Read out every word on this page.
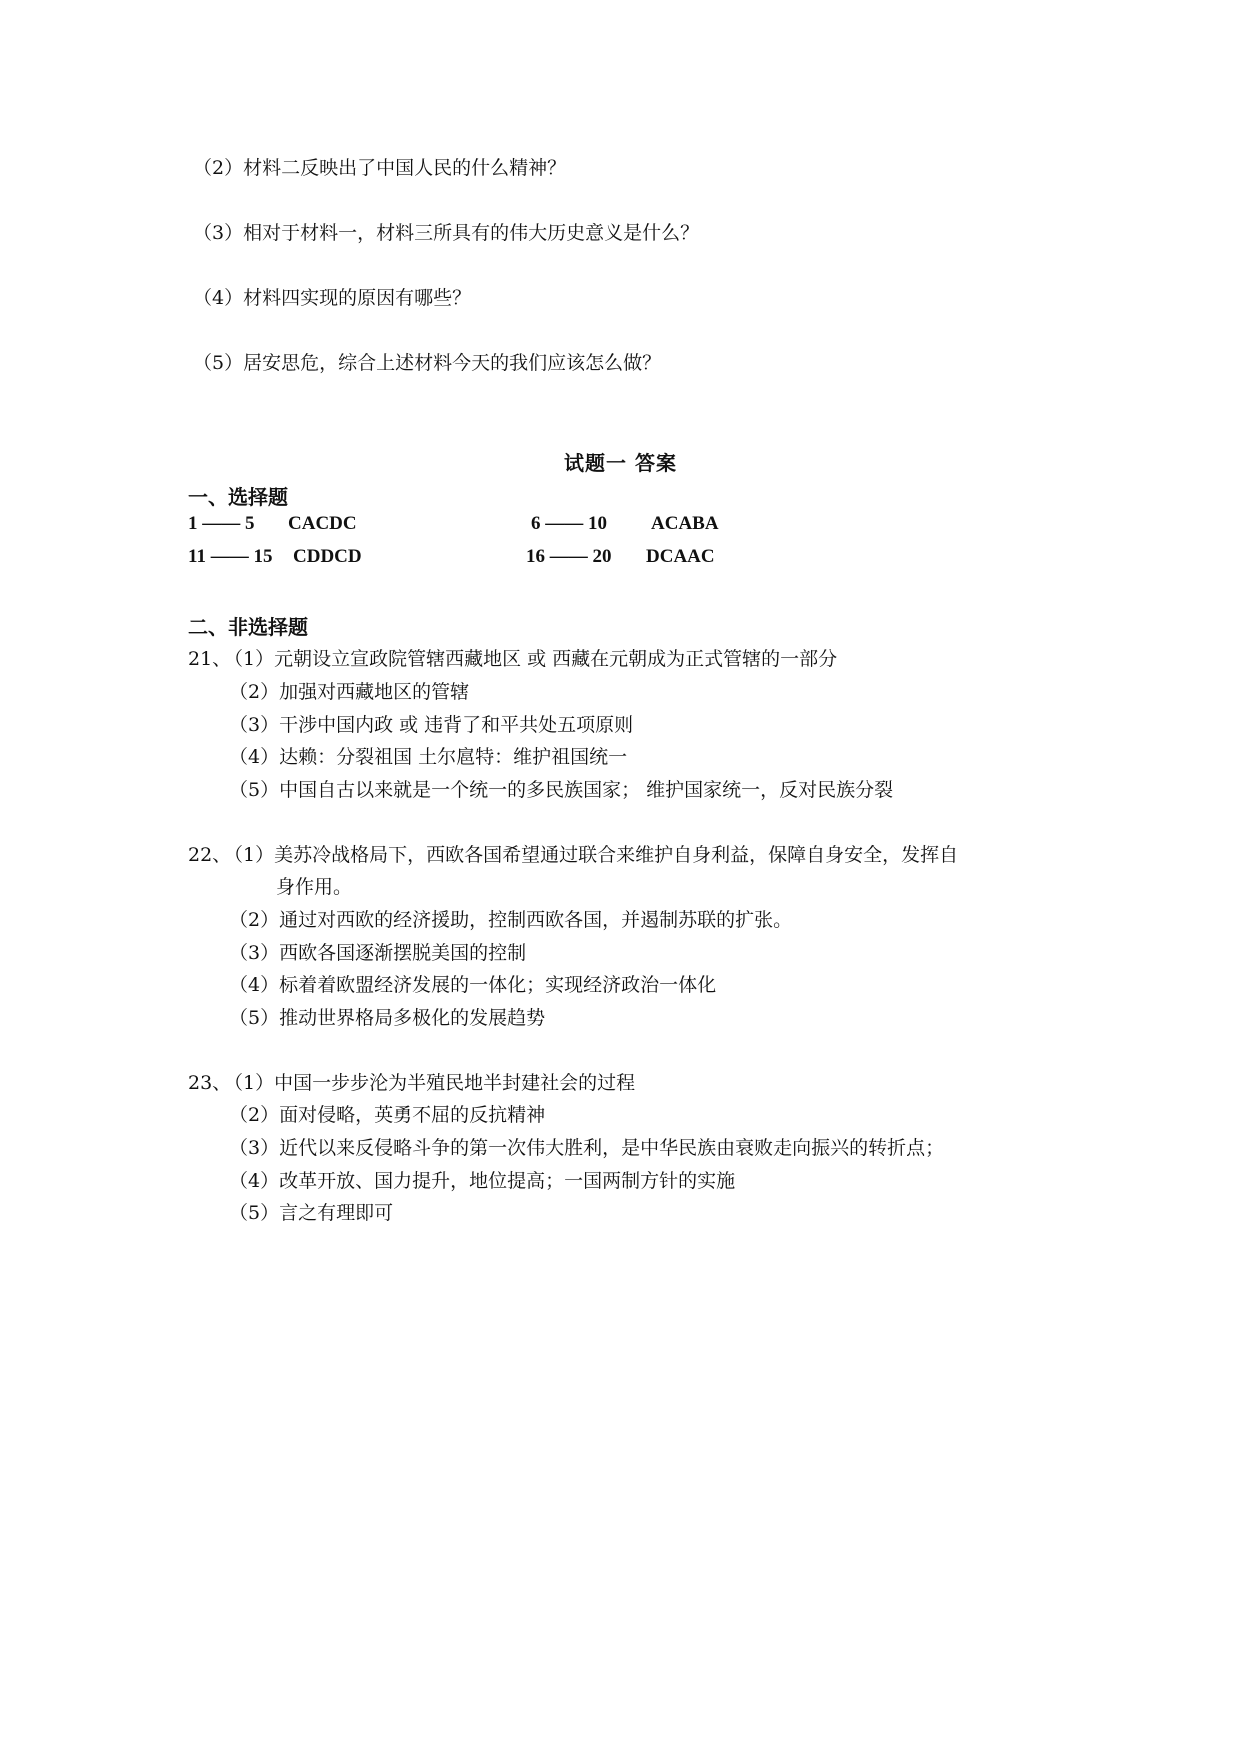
（2）材料二反映出了中国人民的什么精神？
（3）相对于材料一，材料三所具有的伟大历史意义是什么？
（4）材料四实现的原因有哪些？
（5）居安思危，综合上述材料今天的我们应该怎么做？
试题一 答案
一、选择题
1 —— 5 CACDC	6 —— 10 ACABA
11 —— 15 CDDCD	16 —— 20 DCAAC
二、非选择题
21、
（1）元朝设立宣政院管辖西藏地区 或 西藏在元朝成为正式管辖的一部分
（2）加强对西藏地区的管辖
（3）干涉中国内政 或 违背了和平共处五项原则
（4）达赖：分裂祖国 土尔扈特：维护祖国统一
（5）中国自古以来就是一个统一的多民族国家； 维护国家统一，反对民族分裂
22、
（1）美苏冷战格局下，西欧各国希望通过联合来维护自身利益，保障自身安全，发挥自
身作用。
（2）通过对西欧的经济援助，控制西欧各国，并遏制苏联的扩张。
（3）西欧各国逐渐摆脱美国的控制
（4）标着着欧盟经济发展的一体化；实现经济政治一体化
（5）推动世界格局多极化的发展趋势
23、
（1）中国一步步沦为半殖民地半封建社会的过程
（2）面对侵略，英勇不屈的反抗精神
（3）近代以来反侵略斗争的第一次伟大胜利，是中华民族由衰败走向振兴的转折点；
（4）改革开放、国力提升，地位提高；一国两制方针的实施
（5）言之有理即可
